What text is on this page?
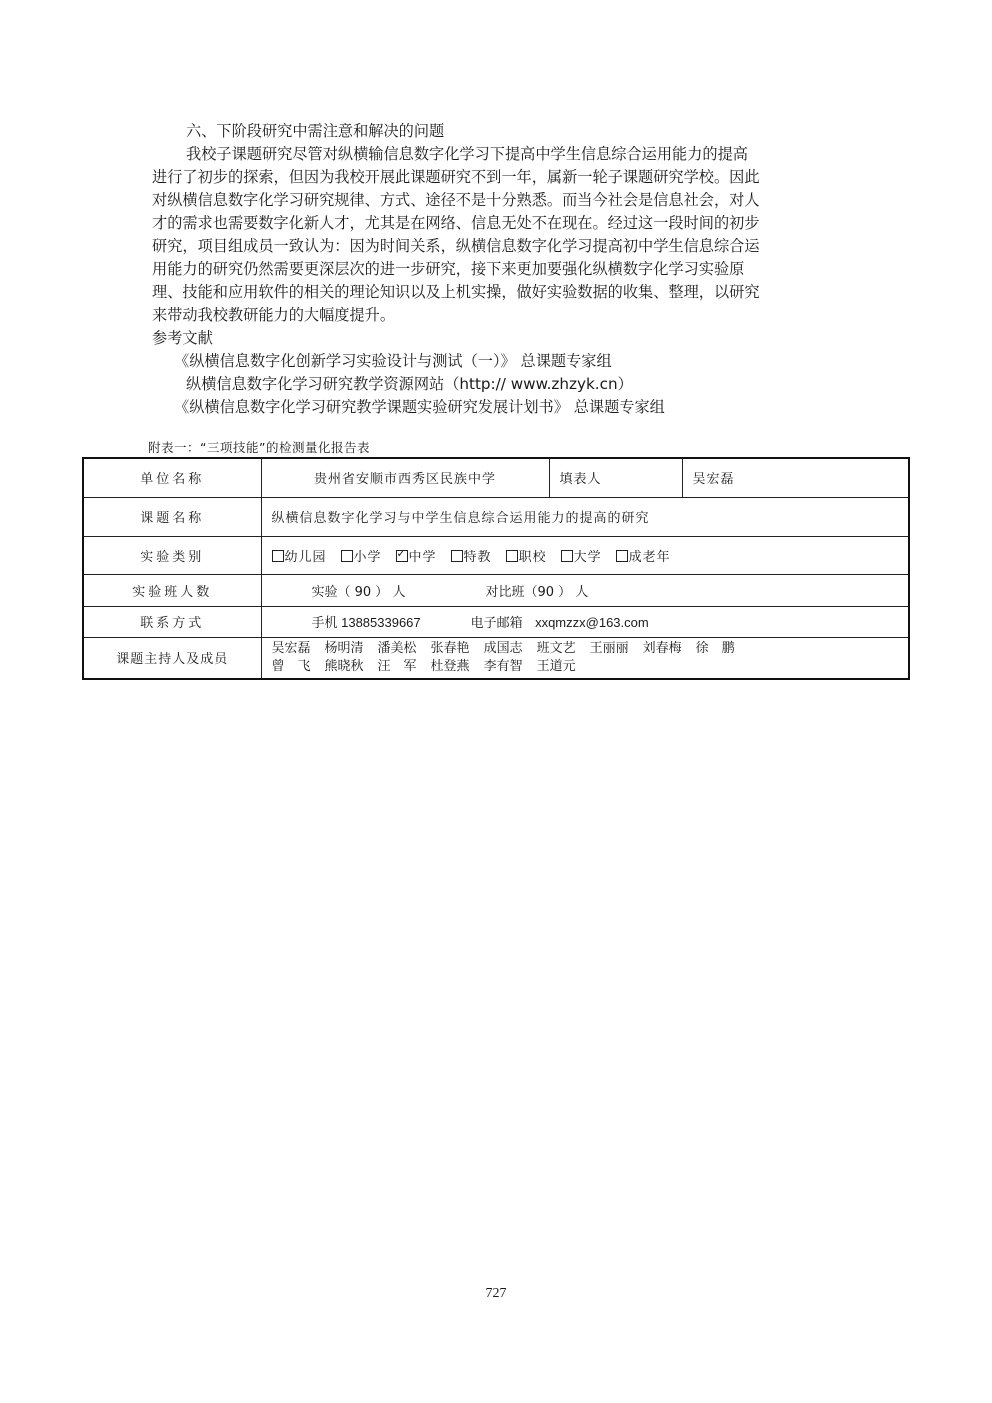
六、下阶段研究中需注意和解决的问题
我校子课题研究尽管对纵横输信息数字化学习下提高中学生信息综合运用能力的提高
进行了初步的探索，但因为我校开展此课题研究不到一年，属新一轮子课题研究学校。因此
对纵横信息数字化学习研究规律、方式、途径不是十分熟悉。而当今社会是信息社会，对人
才的需求也需要数字化新人才，尤其是在网络、信息无处不在现在。经过这一段时间的初步
研究，项目组成员一致认为：因为时间关系，纵横信息数字化学习提高初中学生信息综合运
用能力的研究仍然需要更深层次的进一步研究，接下来更加要强化纵横数字化学习实验原
理、技能和应用软件的相关的理论知识以及上机实操，做好实验数据的收集、整理，以研究
来带动我校教研能力的大幅度提升。
参考文献
《纵横信息数字化创新学习实验设计与测试（一）》 总课题专家组
纵横信息数字化学习研究教学资源网站（http:// www.zhzyk.cn）
《纵横信息数字化学习研究教学课题实验研究发展计划书》 总课题专家组
附表一：“三项技能”的检测量化报告表
单位名称	贵州省安顺市西秀区民族中学	填表人	吴宏磊
课题名称	纵横信息数字化学习与中学生信息综合运用能力的提高的研究		
实验类别	幼儿园 小学 ✓ 中学 特教 职校 大学 成老年
实验班人数	实验（ 90 ） 人 对比班（90 ） 人		
联系方式	手机 13885339667 电子邮箱 xxqmzzx@163.com		
课题主持人及成员	吴宏磊 杨明清 潘美松 张春艳 成国志 班文艺 王丽丽 刘春梅 徐　鹏
曾　飞 熊晓秋 汪　军 杜登燕 李有智 王道元		
727
